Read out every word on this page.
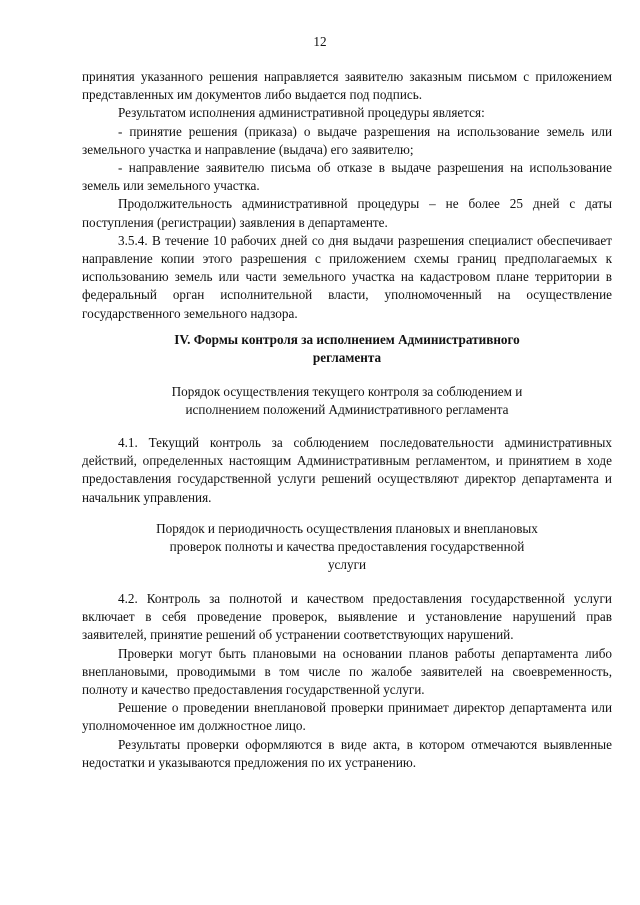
12
принятия указанного решения направляется заявителю заказным письмом с приложением представленных им документов либо выдается под подпись.
Результатом исполнения административной процедуры является:
- принятие решения (приказа) о выдаче разрешения на использование земель или земельного участка и направление (выдача) его заявителю;
- направление заявителю письма об отказе в выдаче разрешения на использование земель или земельного участка.
Продолжительность административной процедуры – не более 25 дней с даты поступления (регистрации) заявления в департаменте.
3.5.4. В течение 10 рабочих дней со дня выдачи разрешения специалист обеспечивает направление копии этого разрешения с приложением схемы границ предполагаемых к использованию земель или части земельного участка на кадастровом плане территории в федеральный орган исполнительной власти, уполномоченный на осуществление государственного земельного надзора.
IV. Формы контроля за исполнением Административного
регламента
Порядок осуществления текущего контроля за соблюдением и
исполнением положений Административного регламента
4.1. Текущий контроль за соблюдением последовательности административных действий, определенных настоящим Административным регламентом, и принятием в ходе предоставления государственной услуги решений осуществляют директор департамента и начальник управления.
Порядок и периодичность осуществления плановых и внеплановых
проверок полноты и качества предоставления государственной
услуги
4.2. Контроль за полнотой и качеством предоставления государственной услуги включает в себя проведение проверок, выявление и установление нарушений прав заявителей, принятие решений об устранении соответствующих нарушений.
Проверки могут быть плановыми на основании планов работы департамента либо внеплановыми, проводимыми в том числе по жалобе заявителей на своевременность, полноту и качество предоставления государственной услуги.
Решение о проведении внеплановой проверки принимает директор департамента или уполномоченное им должностное лицо.
Результаты проверки оформляются в виде акта, в котором отмечаются выявленные недостатки и указываются предложения по их устранению.
